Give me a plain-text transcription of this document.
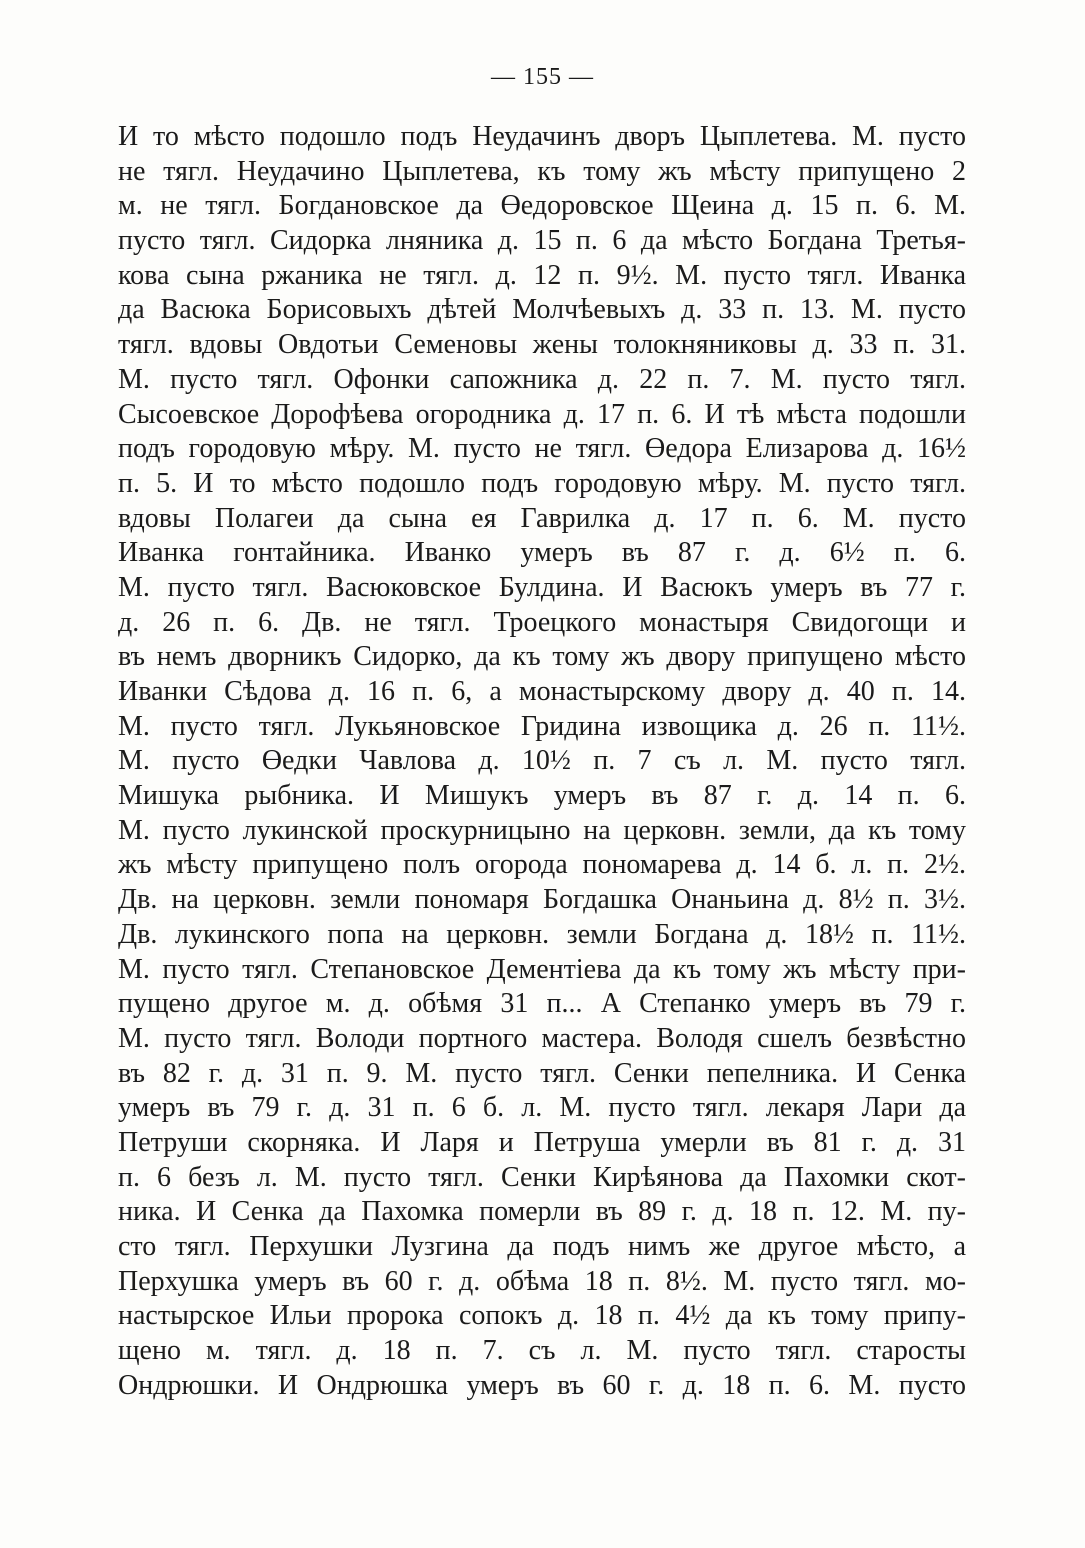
— 155 —
И то мѣсто подошло подъ Неудачинъ дворъ Цыплетева. М. пусто
не тягл. Неудачино Цыплетева, къ тому жъ мѣсту припущено 2
м. не тягл. Богдановское да Өедоровское Щеина д. 15 п. 6. М.
пусто тягл. Сидорка лняника д. 15 п. 6 да мѣсто Богдана Третья-
кова сына ржаника не тягл. д. 12 п. 9½. М. пусто тягл. Иванка
да Васюка Борисовыхъ дѣтей Молчѣевыхъ д. 33 п. 13. М. пусто
тягл. вдовы Овдотьи Семеновы жены толокняниковы д. 33 п. 31.
М. пусто тягл. Офонки сапожника д. 22 п. 7. М. пусто тягл.
Сысоевское Дорофѣева огородника д. 17 п. 6. И тѣ мѣста подошли
подъ городовую мѣру. М. пусто не тягл. Өедора Елизарова д. 16½
п. 5. И то мѣсто подошло подъ городовую мѣру. М. пусто тягл.
вдовы Полагеи да сына ея Гаврилка д. 17 п. 6. М. пусто
Иванка гонтайника. Иванко умеръ въ 87 г. д. 6½ п. 6.
М. пусто тягл. Васюковское Булдина. И Васюкъ умеръ въ 77 г.
д. 26 п. 6. Дв. не тягл. Троецкого монастыря Свидогощи и
въ немъ дворникъ Сидорко, да къ тому жъ двору припущено мѣсто
Иванки Сѣдова д. 16 п. 6, а монастырскому двору д. 40 п. 14.
М. пусто тягл. Лукьяновское Гридина извощика д. 26 п. 11½.
М. пусто Өедки Чавлова д. 10½ п. 7 съ л. М. пусто тягл.
Мишука рыбника. И Мишукъ умеръ въ 87 г. д. 14 п. 6.
М. пусто лукинской проскурницыно на церковн. земли, да къ тому
жъ мѣсту припущено полъ огорода пономарева д. 14 б. л. п. 2½.
Дв. на церковн. земли пономаря Богдашка Онаньина д. 8½ п. 3½.
Дв. лукинского попа на церковн. земли Богдана д. 18½ п. 11½.
М. пусто тягл. Степановское Дементіева да къ тому жъ мѣсту при-
пущено другое м. д. обѣмя 31 п... А Степанко умеръ въ 79 г.
М. пусто тягл. Володи портного мастера. Володя сшелъ безвѣстно
въ 82 г. д. 31 п. 9. М. пусто тягл. Сенки пепелника. И Сенка
умеръ въ 79 г. д. 31 п. 6 б. л. М. пусто тягл. лекаря Лари да
Петруши скорняка. И Ларя и Петруша умерли въ 81 г. д. 31
п. 6 безъ л. М. пусто тягл. Сенки Кирѣянова да Пахомки скот-
ника. И Сенка да Пахомка померли въ 89 г. д. 18 п. 12. М. пу-
сто тягл. Перхушки Лузгина да подъ нимъ же другое мѣсто, а
Перхушка умеръ въ 60 г. д. обѣма 18 п. 8½. М. пусто тягл. мо-
настырское Ильи пророка сопокъ д. 18 п. 4½ да къ тому припу-
щено м. тягл. д. 18 п. 7. съ л. М. пусто тягл. старосты
Ондрюшки. И Ондрюшка умеръ въ 60 г. д. 18 п. 6. М. пусто
